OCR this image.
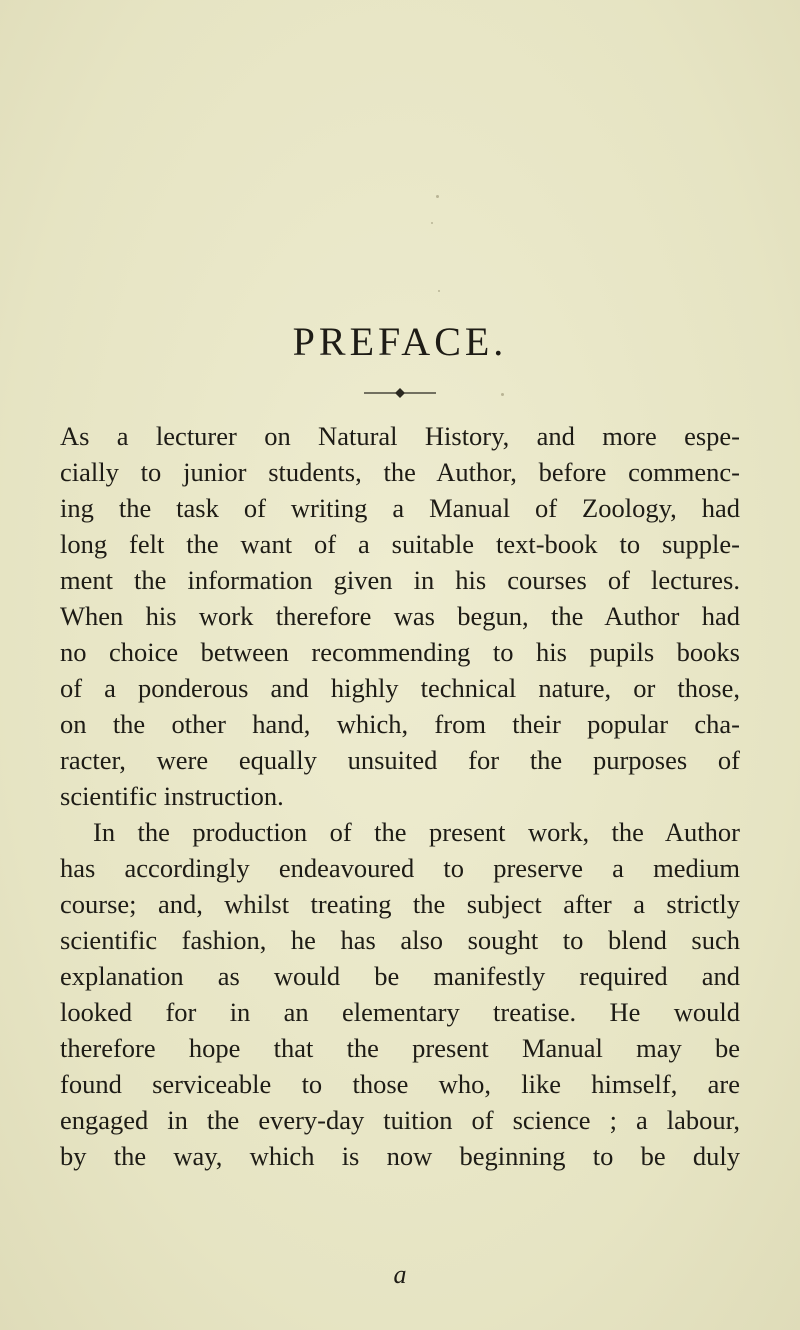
PREFACE.

As a lecturer on Natural History, and more espe-
cially to junior students, the Author, before commenc-
ing the task of writing a Manual of Zoology, had
long felt the want of a suitable text-book to supple-
ment the information given in his courses of lectures.
When his work therefore was begun, the Author had
no choice between recommending to his pupils books
of a ponderous and highly technical nature, or those,
on the other hand, which, from their popular cha-
racter, were equally unsuited for the purposes of
scientific instruction.

In the production of the present work, the Author
has accordingly endeavoured to preserve a medium
course; and, whilst treating the subject after a strictly
scientific fashion, he has also sought to blend such
explanation as would be manifestly required and
looked for in an elementary treatise. He would
therefore hope that the present Manual may be
found serviceable to those who, like himself, are
engaged in the every-day tuition of science ; a labour,
by the way, which is now beginning to be duly

a
